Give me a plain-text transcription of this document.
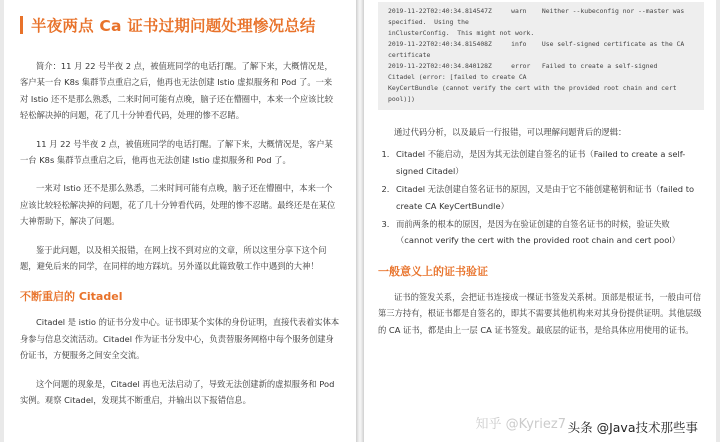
半夜两点 Ca 证书过期问题处理惨况总结

简介：11 月 22 号半夜 2 点，被值班同学的电话打醒。了解下来，大概情况是，客户某一台 K8s 集群节点重启之后，他再也无法创建 Istio 虚拟服务和 Pod 了。一来对 Istio 还不是那么熟悉，二来时间可能有点晚，脑子还在懵圈中，本来一个应该比较轻松解决掉的问题，花了几十分钟看代码，处理的惨不忍睹。

11 月 22 号半夜 2 点，被值班同学的电话打醒。了解下来，大概情况是，客户某一台 K8s 集群节点重启之后，他再也无法创建 Istio 虚拟服务和 Pod 了。

一来对 Istio 还不是那么熟悉，二来时间可能有点晚，脑子还在懵圈中，本来一个应该比较轻松解决掉的问题，花了几十分钟看代码，处理的惨不忍睹。最终还是在某位大神帮助下，解决了问题。

鉴于此问题，以及相关报错，在网上找不到对应的文章，所以这里分享下这个问题，避免后来的同学，在同样的地方踩坑。另外谨以此篇致敬工作中遇到的大神！

不断重启的 Citadel

Citadel 是 istio 的证书分发中心。证书即某个实体的身份证明，直接代表着实体本身参与信息交流活动。Citadel 作为证书分发中心，负责替服务网格中每个服务创建身份证书，方便服务之间安全交流。

这个问题的现象是，Citadel 再也无法启动了，导致无法创建新的虚拟服务和 Pod 实例。观察 Citadel，发现其不断重启，并输出以下报错信息。

2019-11-22T02:40:34.814547Z     warn    Neither --kubeconfig nor --master was
specified.  Using the
inClusterConfig.  This might not work.
2019-11-22T02:40:34.815408Z     info    Use self-signed certificate as the CA
certificate
2019-11-22T02:40:34.840128Z     error   Failed to create a self-signed
Citadel (error: [failed to create CA
KeyCertBundle (cannot verify the cert with the provided root chain and cert
pool)])

通过代码分析，以及最后一行报错，可以理解问题背后的逻辑：

1. Citadel 不能启动，是因为其无法创建自签名的证书（Failed to create a self-signed Citadel）
2. Citadel 无法创建自签名证书的原因，又是由于它不能创建秘钥和证书（failed to create CA KeyCertBundle）
3. 而前两条的根本的原因，是因为在验证创建的自签名证书的时候，验证失败（cannot verify the cert with the provided root chain and cert pool）
一般意义上的证书验证

证书的签发关系，会把证书连接成一棵证书签发关系树。顶部是根证书，一般由可信第三方持有，根证书都是自签名的，即其不需要其他机构来对其身份提供证明。其他层级的 CA 证书，都是由上一层 CA 证书签发。最底层的证书，是给具体应用使用的证书。

知乎 @Kyriez7 头条 @Java技术那些事
